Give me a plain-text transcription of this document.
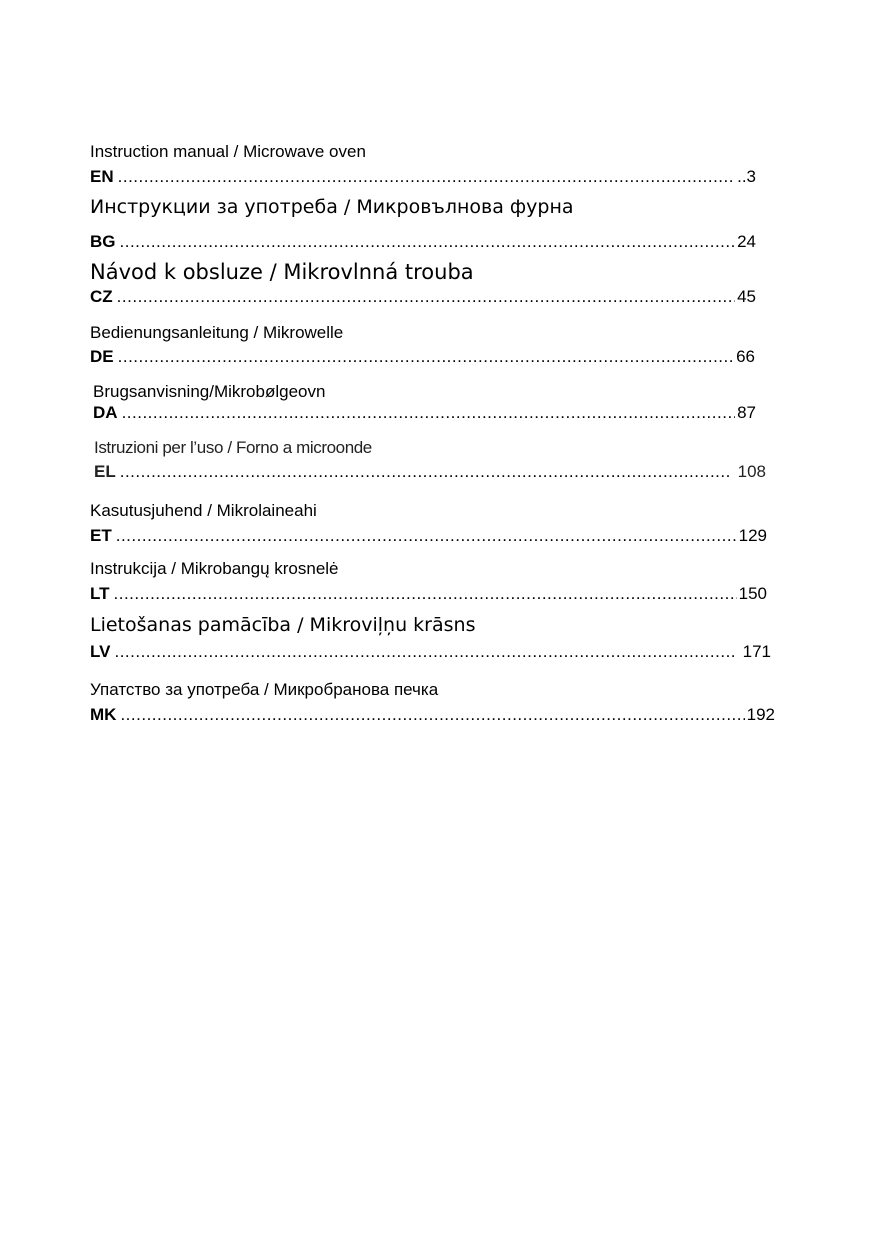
Instruction manual / Microwave oven
EN .....	..3
Инструкции за употреба / Микровълнова фурна
BG .....	24
Návod k obsluze / Mikrovlnná trouba
CZ .....	45
Bedienungsanleitung / Mikrowelle
DE .....	66
Brugsanvisning/Mikrobølgeovn
DA .....	87
Istruzioni per l’uso / Forno a microonde
EL .....	108
Kasutusjuhend / Mikrolaineahi
ET .....	129
Instrukcija / Mikrobangų krosnelė
LT .....	150
Lietošanas pamācība / Mikroviļņu krāsns
LV .....	171
Упатство за употреба / Микробранова печка
MK .....	192
